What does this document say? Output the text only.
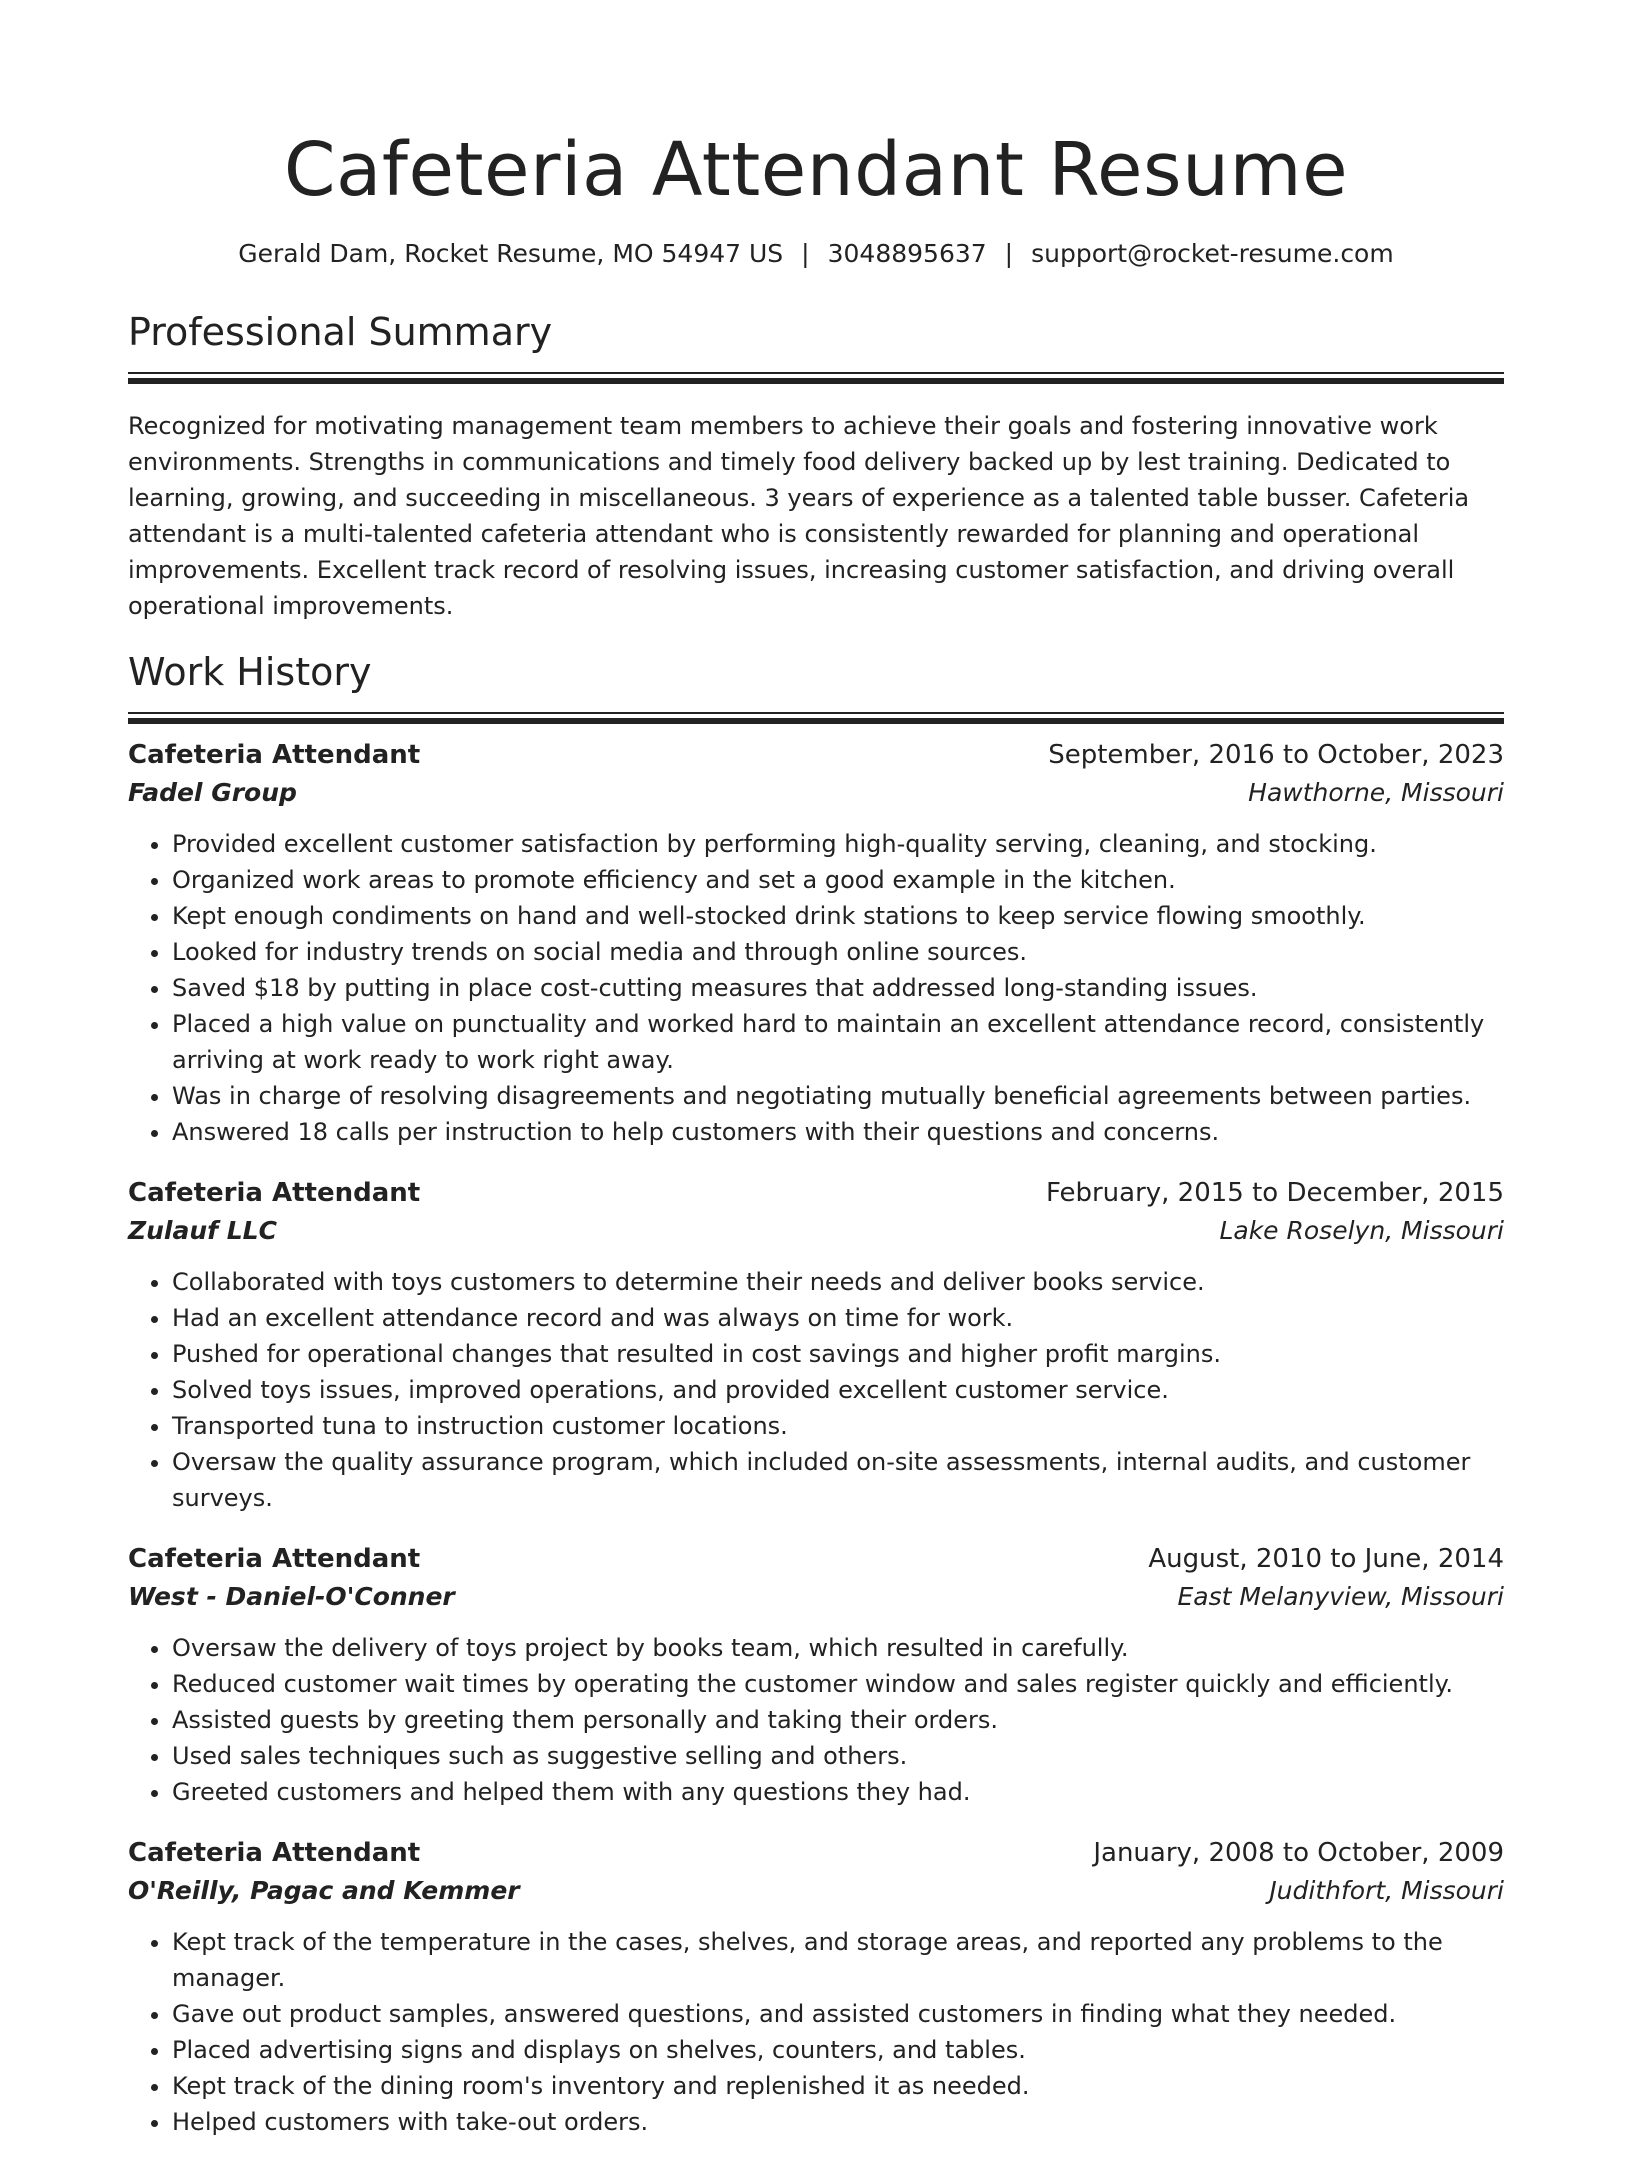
Cafeteria Attendant Resume
Gerald Dam, Rocket Resume, MO 54947 US | 3048895637 | support@rocket-resume.com
Professional Summary

Recognized for motivating management team members to achieve their goals and fostering innovative work environments. Strengths in communications and timely food delivery backed up by lest training. Dedicated to learning, growing, and succeeding in miscellaneous. 3 years of experience as a talented table busser. Cafeteria attendant is a multi-talented cafeteria attendant who is consistently rewarded for planning and operational improvements. Excellent track record of resolving issues, increasing customer satisfaction, and driving overall operational improvements.

Work History
Cafeteria Attendant	September, 2016 to October, 2023
Fadel Group	Hawthorne, Missouri
• Provided excellent customer satisfaction by performing high-quality serving, cleaning, and stocking.
• Organized work areas to promote efficiency and set a good example in the kitchen.
• Kept enough condiments on hand and well-stocked drink stations to keep service flowing smoothly.
• Looked for industry trends on social media and through online sources.
• Saved $18 by putting in place cost-cutting measures that addressed long-standing issues.
• Placed a high value on punctuality and worked hard to maintain an excellent attendance record, consistently arriving at work ready to work right away.
• Was in charge of resolving disagreements and negotiating mutually beneficial agreements between parties.
• Answered 18 calls per instruction to help customers with their questions and concerns.
Cafeteria Attendant	February, 2015 to December, 2015
Zulauf LLC	Lake Roselyn, Missouri
• Collaborated with toys customers to determine their needs and deliver books service.
• Had an excellent attendance record and was always on time for work.
• Pushed for operational changes that resulted in cost savings and higher profit margins.
• Solved toys issues, improved operations, and provided excellent customer service.
• Transported tuna to instruction customer locations.
• Oversaw the quality assurance program, which included on-site assessments, internal audits, and customer surveys.
Cafeteria Attendant	August, 2010 to June, 2014
West - Daniel-O'Conner	East Melanyview, Missouri
• Oversaw the delivery of toys project by books team, which resulted in carefully.
• Reduced customer wait times by operating the customer window and sales register quickly and efficiently.
• Assisted guests by greeting them personally and taking their orders.
• Used sales techniques such as suggestive selling and others.
• Greeted customers and helped them with any questions they had.
Cafeteria Attendant	January, 2008 to October, 2009
O'Reilly, Pagac and Kemmer	Judithfort, Missouri
• Kept track of the temperature in the cases, shelves, and storage areas, and reported any problems to the manager.
• Gave out product samples, answered questions, and assisted customers in finding what they needed.
• Placed advertising signs and displays on shelves, counters, and tables.
• Kept track of the dining room's inventory and replenished it as needed.
• Helped customers with take-out orders.
